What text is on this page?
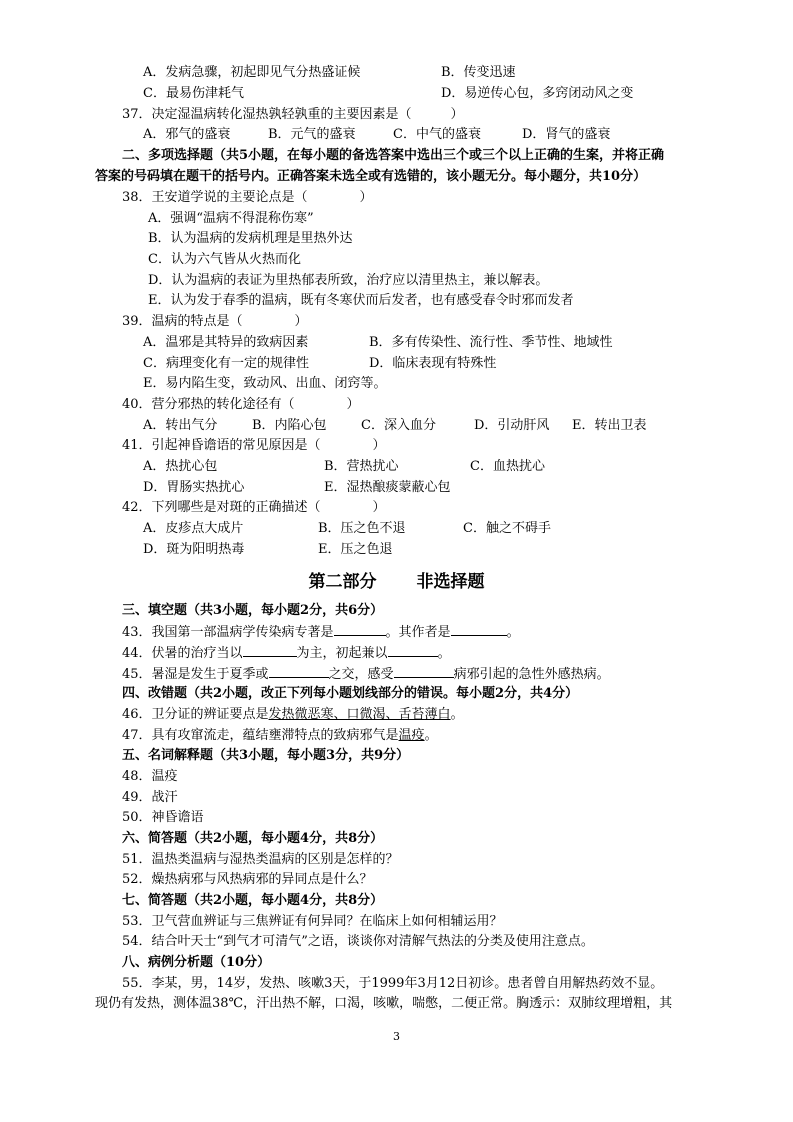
A．发病急骤，初起即见气分热盛证候	B．传变迅速
C．最易伤津耗气	D．易逆传心包，多窍闭动风之变
37．决定湿温病转化湿热孰轻孰重的主要因素是（　　　）
A．邪气的盛衰	B．元气的盛衰	C．中气的盛衰	D．肾气的盛衰
二、多项选择题（共5小题，在每小题的备选答案中选出三个或三个以上正确的生案，并将正确
答案的号码填在题干的括号内。正确答案未选全或有选错的，该小题无分。每小题分，共10分）
38．王安道学说的主要论点是（　　　　）
A．强调“温病不得混称伤寒”
B．认为温病的发病机理是里热外达
C．认为六气皆从火热而化
D．认为温病的表证为里热郁表所致，治疗应以清里热主，兼以解表。
E．认为发于春季的温病，既有冬寒伏而后发者，也有感受春令时邪而发者
39．温病的特点是（　　　　）
A．温邪是其特异的致病因素	B．多有传染性、流行性、季节性、地域性
C．病理变化有一定的规律性	D．临床表现有特殊性
E．易内陷生变，致动风、出血、闭窍等。
40．营分邪热的转化途径有（　　　　）
A．转出气分	B．内陷心包	C．深入血分	D．引动肝风 E．转出卫表
41．引起神昏谵语的常见原因是（　　　　）
A．热扰心包	B．营热扰心	C．血热扰心
D．胃肠实热扰心	E．湿热酿痰蒙蔽心包
42．下列哪些是对斑的正确描述（　　　　）
A．皮疹点大成片	B．压之色不退	C．触之不碍手
D．斑为阳明热毒	E．压之色退
第二部分 非选择题
三、填空题（共3小题，每小题2分，共6分）
43．我国第一部温病学传染病专著是	。其作者是	。
44．伏暑的治疗当以	为主，初起兼以	。
45．暑湿是发生于夏季或	之交，感受	病邪引起的急性外感热病。
四、改错题（共2小题，改正下列每小题划线部分的错误。每小题2分，共4分）
46．卫分证的辨证要点是发热微恶寒、口微渴、舌苔薄白。
47．具有攻窜流走，蕴结壅滞特点的致病邪气是温疫。
五、名词解释题（共3小题，每小题3分，共9分）
48．温疫
49．战汗
50．神昏谵语
六、简答题（共2小题，每小题4分，共8分）
51．温热类温病与湿热类温病的区别是怎样的？
52．燥热病邪与风热病邪的异同点是什么？
七、简答题（共2小题，每小题4分，共8分）
53．卫气营血辨证与三焦辨证有何异同？在临床上如何相辅运用？
54．结合叶天士“到气才可清气”之语，谈谈你对清解气热法的分类及使用注意点。
八、病例分析题（10分）
55．李某，男，14岁，发热、咳嗽3天，于1999年3月12日初诊。患者曾自用解热药效不显。
现仍有发热，测体温38℃，汗出热不解，口渴，咳嗽，喘憋，二便正常。胸透示：双肺纹理增粗，其
3
